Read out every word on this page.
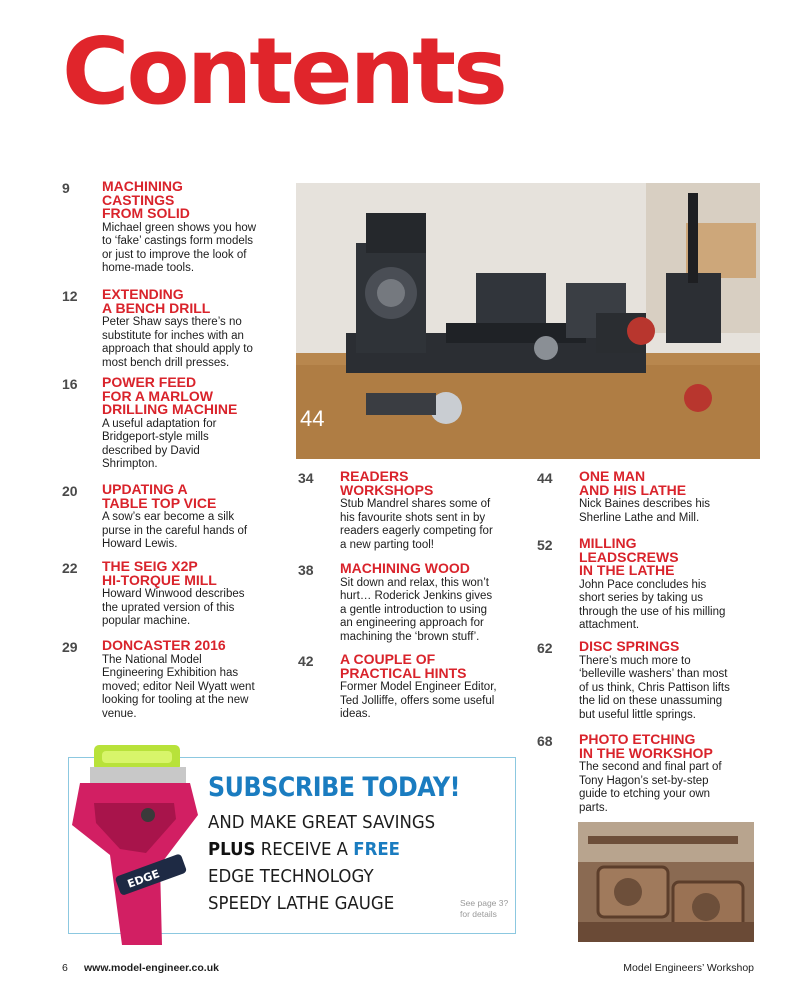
Contents
9	MACHINING
CASTINGS
FROM SOLID
Michael green shows you how
to ‘fake’ castings form models
or just to improve the look of
home-made tools.
12	EXTENDING
A BENCH DRILL
Peter Shaw says there’s no
substitute for inches with an
approach that should apply to
most bench drill presses.
16	POWER FEED
FOR A MARLOW
DRILLING MACHINE
A useful adaptation for
Bridgeport-style mills
described by David
Shrimpton.
20	UPDATING A
TABLE TOP VICE
A sow’s ear become a silk
purse in the careful hands of
Howard Lewis.
22	THE SEIG X2P
HI-TORQUE MILL
Howard Winwood describes
the uprated version of this
popular machine.
29	DONCASTER 2016
The National Model
Engineering Exhibition has
moved; editor Neil Wyatt went
looking for tooling at the new
venue.
34	READERS
WORKSHOPS
Stub Mandrel shares some of
his favourite shots sent in by
readers eagerly competing for
a new parting tool!
38	MACHINING WOOD
Sit down and relax, this won’t
hurt… Roderick Jenkins gives
a gentle introduction to using
an engineering approach for
machining the ‘brown stuff’.
42	A COUPLE OF
PRACTICAL HINTS
Former Model Engineer Editor,
Ted Jolliffe, offers some useful
ideas.
44	ONE MAN
AND HIS LATHE
Nick Baines describes his
Sherline Lathe and Mill.
52	MILLING
LEADSCREWS
IN THE LATHE
John Pace concludes his
short series by taking us
through the use of his milling
attachment.
62	DISC SPRINGS
There’s much more to
‘belleville washers’ than most
of us think, Chris Pattison lifts
the lid on these unassuming
but useful little springs.
68	PHOTO ETCHING
IN THE WORKSHOP
The second and final part of
Tony Hagon’s set-by-step
guide to etching your own
parts.
44
EDGE
SUBSCRIBE TODAY!
AND MAKE GREAT SAVINGS
PLUS RECEIVE A FREE
EDGE TECHNOLOGY
SPEEDY LATHE GAUGE	See page 3?
for details
6 www.model-engineer.co.uk	Model Engineers’ Workshop
